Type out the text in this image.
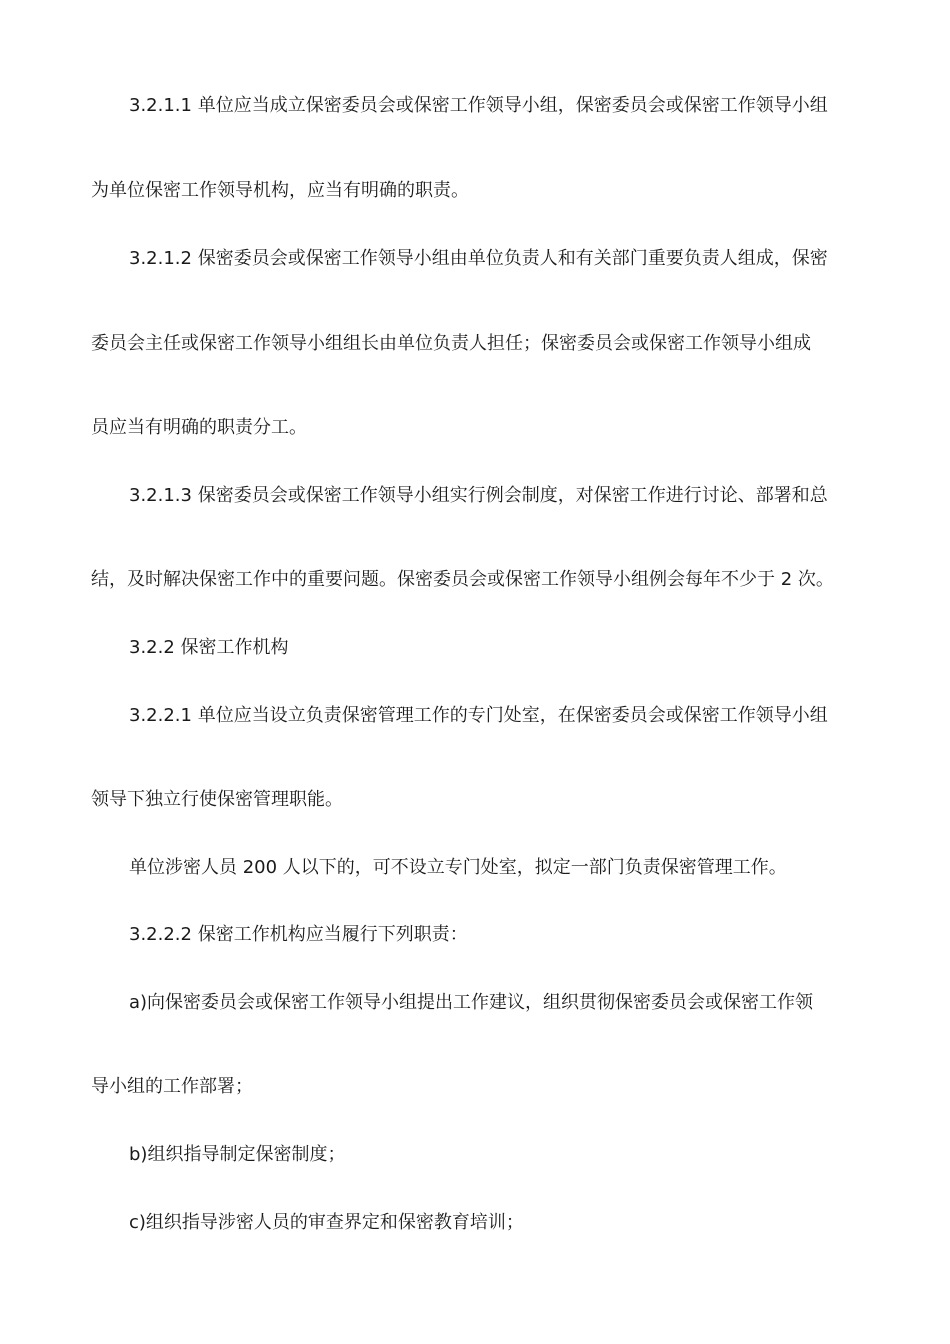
3.2.1.1 单位应当成立保密委员会或保密工作领导小组，保密委员会或保密工作领导小组
为单位保密工作领导机构，应当有明确的职责。
3.2.1.2 保密委员会或保密工作领导小组由单位负责人和有关部门重要负责人组成，保密
委员会主任或保密工作领导小组组长由单位负责人担任；保密委员会或保密工作领导小组成
员应当有明确的职责分工。
3.2.1.3 保密委员会或保密工作领导小组实行例会制度，对保密工作进行讨论、部署和总
结，及时解决保密工作中的重要问题。保密委员会或保密工作领导小组例会每年不少于 2 次。
3.2.2 保密工作机构
3.2.2.1 单位应当设立负责保密管理工作的专门处室，在保密委员会或保密工作领导小组
领导下独立行使保密管理职能。
单位涉密人员 200 人以下的，可不设立专门处室，拟定一部门负责保密管理工作。
3.2.2.2 保密工作机构应当履行下列职责：
a)向保密委员会或保密工作领导小组提出工作建议，组织贯彻保密委员会或保密工作领
导小组的工作部署；
b)组织指导制定保密制度；
c)组织指导涉密人员的审查界定和保密教育培训；
